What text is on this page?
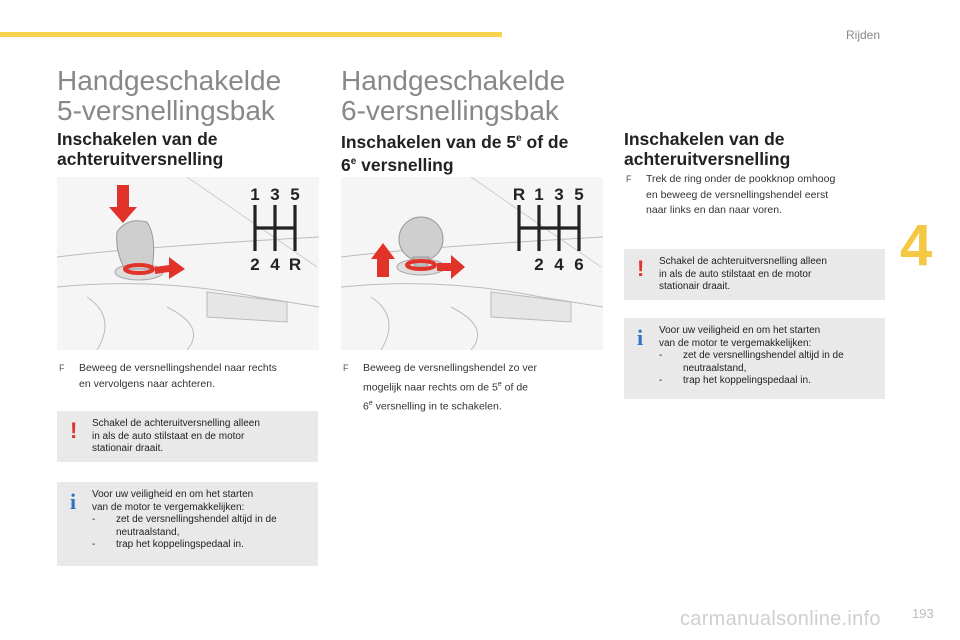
Rijden
4
Handgeschakelde
5-versnellingsbak
Inschakelen van de
achteruitversnelling
1 3 5
2 4 R
F	Beweeg de versnellingshendel naar rechts
en vervolgens naar achteren.
! Schakel de achteruitversnelling alleen
in als de auto stilstaat en de motor
stationair draait.
i Voor uw veiligheid en om het starten
van de motor te vergemakkelijken:
- zet de versnellingshendel altijd in de neutraalstand,
- trap het koppelingspedaal in.
Handgeschakelde
6-versnellingsbak
Inschakelen van de 5e of de
6e versnelling
R 1 3 5
2 4 6
F	Beweeg de versnellingshendel zo ver
mogelijk naar rechts om de 5e of de
6e versnelling in te schakelen.
Inschakelen van de
achteruitversnelling
F	Trek de ring onder de pookknop omhoog
en beweeg de versnellingshendel eerst
naar links en dan naar voren.
! Schakel de achteruitversnelling alleen
in als de auto stilstaat en de motor
stationair draait.
i Voor uw veiligheid en om het starten
van de motor te vergemakkelijken:
- zet de versnellingshendel altijd in de neutraalstand,
- trap het koppelingspedaal in.
carmanualsonline.info 193
